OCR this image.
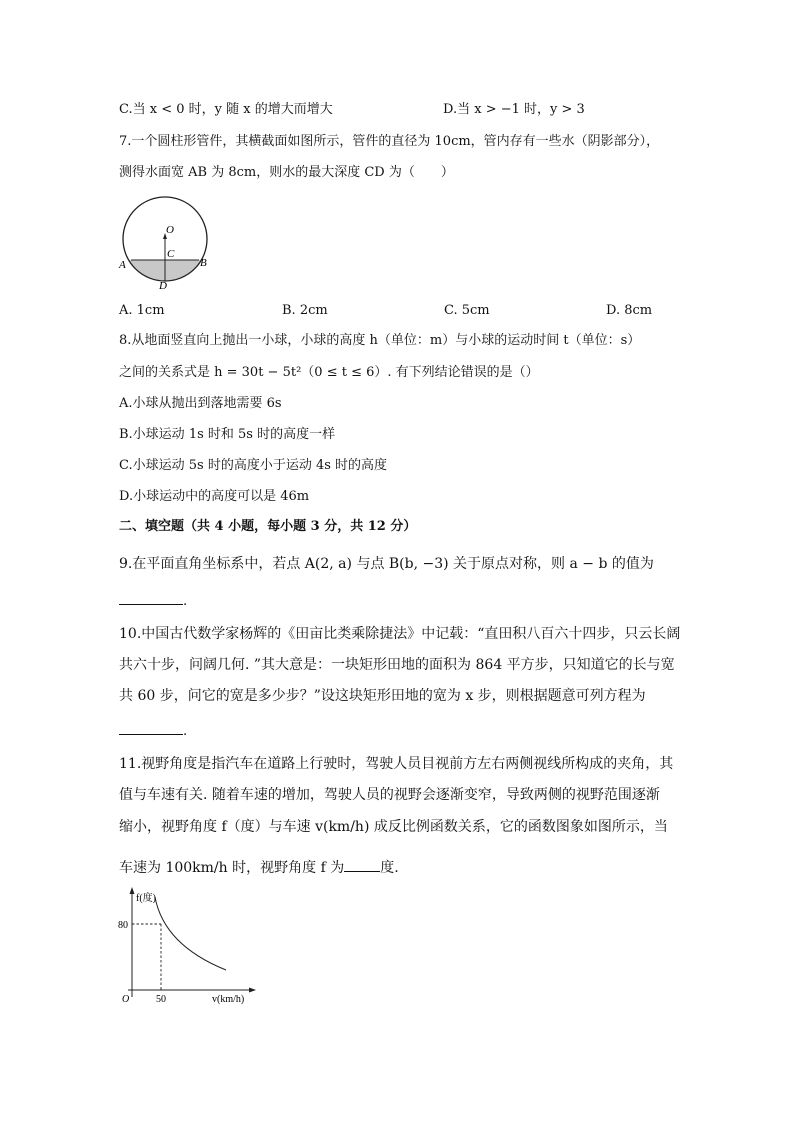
C.当 x < 0 时，y 随 x 的增大而增大	D.当 x > −1 时，y > 3
7.一个圆柱形管件，其横截面如图所示，管件的直径为 10cm，管内存有一些水（阴影部分），
测得水面宽 AB 为 8cm，则水的最大深度 CD 为（　　）
O
C
A	B
D
A. 1cm	B. 2cm	C. 5cm	D. 8cm
8.从地面竖直向上抛出一小球，小球的高度 h（单位：m）与小球的运动时间 t（单位：s）
之间的关系式是 h = 30t − 5t²（0 ≤ t ≤ 6）. 有下列结论错误的是（）
A.小球从抛出到落地需要 6s
B.小球运动 1s 时和 5s 时的高度一样
C.小球运动 5s 时的高度小于运动 4s 时的高度
D.小球运动中的高度可以是 46m
二、填空题（共 4 小题，每小题 3 分，共 12 分）
9.在平面直角坐标系中，若点 A(2, a) 与点 B(b, −3) 关于原点对称，则 a − b 的值为
.
10.中国古代数学家杨辉的《田亩比类乘除捷法》中记载：“直田积八百六十四步，只云长阔
共六十步，问阔几何. ”其大意是：一块矩形田地的面积为 864 平方步，只知道它的长与宽
共 60 步，问它的宽是多少步？”设这块矩形田地的宽为 x 步，则根据题意可列方程为
.
11.视野角度是指汽车在道路上行驶时，驾驶人员目视前方左右两侧视线所构成的夹角，其
值与车速有关. 随着车速的增加，驾驶人员的视野会逐渐变窄，导致两侧的视野范围逐渐
缩小，视野角度 f（度）与车速 v(km/h) 成反比例函数关系，它的函数图象如图所示，当
车速为 100km/h 时，视野角度 f 为	度.
f(度)
v(km/h)
O
80
50
